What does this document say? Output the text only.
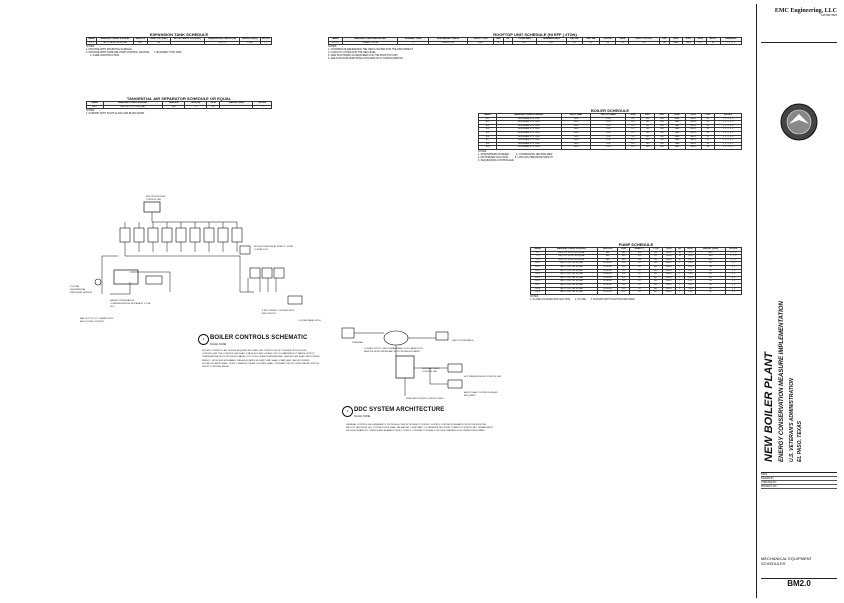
EXPANSION TANK SCHEDULE
MARK	MANUFACTURER & MODEL	SERVICE	TANK VOL (GAL)	ACCEPTANCE VOL (GAL)	DIMENSIONS L-WIDTH (IN)	WEIGHT (LBS)	NOTES
ET-1	TACO CA-90 OR EQUAL	HW	90		24 x 70	1,000	1, 2
NOTES:
1. PROVIDE WITH MOUNTING SADDLES.
2. PROVIDE WITH ASME REL PROP CONTROL SEATING.      3. BLADDER TYPE TANK.
4. ASME CONSTRUCTION.
TANGENTIAL AIR SEPARATOR SCHEDULE OR EQUAL
MARK	MANUFACTURER & MODEL	SERVICE	SIZE (IN)	GPM	WEIGHT (LBS)	NOTES
AS-1	TACO AC 6-F OR EQUAL	HW	6	700		1
NOTES:
1. FURNISH WITH SIGHT GLASS AND BLOW DOWN.
ROOFTOP UNIT SCHEDULE (HI EFF | 4TON)
MARK	MANUFACTURER AND MODEL	NOMINAL TONS	DISCHARGE CONFIG	SUPPLY CFM	ESP	HP	TOTAL MBH	SENSIBLE MBH	EAT DB	EAT WB	LAT DB	SEER	ELECT OUTPUT	EFF	FUEL	V/PH	MCA	MOCP	REMARKS
RTU-1	TRANE YSC048	4	SIDE/FLOW	1600	0.7	1	50.2	38.1	80	67	56	16	4.0	80	GAS	208/3	27.9	30	1, 2, 3, 4
NOTES:
1. COORDINATE REFERENCE THE ITEM LOCATED FOR THE DISCONNECT.
2. CAPACITY LISTED FOR THE SEA LEVEL.
3. NEW DUCTWORK AS REQUIRED FOR THE ROOFTOP UNIT.
4. SEE PLAN FOR ADDITIONAL DATA AND DUCT CONFIGURATION.
BOILER SCHEDULE
MARK	MANUFACTURER & MODEL	INPUT MBH	OUTPUT MBH	GPM	EWT	LWT	FUEL	V/PH	FLA	NOTES
B-1	BURNHAM FCX 2000	2000	1700	115	140	180	GAS	460/3	10	1, 2, 3, 4, 5
B-2	BURNHAM FCX 2000	2000	1700	115	140	180	GAS	460/3	10	1, 2, 3, 4, 5
B-3	BURNHAM FCX 2000	2000	1700	115	140	180	GAS	460/3	10	1, 2, 3, 4, 5
B-4	BURNHAM FCX 2000	2000	1700	115	140	180	GAS	460/3	10	1, 2, 3, 4, 5
B-5	BURNHAM FCX 2000	2000	1700	115	140	180	GAS	460/3	10	1, 2, 3, 4, 5
B-6	BURNHAM FCX 2000	2000	1700	115	140	180	GAS	460/3	10	1, 2, 3, 4, 5
B-7	BURNHAM FCX 2000	2000	1700	115	140	180	GAS	460/3	10	1, 2, 3, 4, 5
B-8	BURNHAM FCX 2000	2000	1700	115	140	180	GAS	460/3	10	1, 2, 3, 4, 5
B-9	BURNHAM FCX 2000	2000	1700	115	140	180	GAS	460/3	10	1, 2, 3, 4, 5
NOTES:
1. ATMOSPHERIC BURNER.          4. CONDENSATE NEUTRALIZER.
2. MOTORIZED ISOLATION.         5. LOW GAS PRESSURE SWITCH.
3. SEQUENCING CONTROLLER.
PUMP SCHEDULE
MARK	MANUFACTURER & MODEL	SERVICE	GPM	HEAD FT	TYPE	V/PH	HP	RPM	WEIGHT (LBS)	NOTES
P-1	TACO KV 6013 OR EQUAL	HW	440	100	VIL	460/3	10	1750	400	1, 2, 3
P-2	TACO KV 6013 OR EQUAL	HW	440	100	VIL	460/3	10	1750	400	1, 2, 3
P-3	TACO KV 6013 OR EQUAL	HW	440	100	VIL	460/3	10	1750	400	1, 2, 3
BP-1	TACO 1915 OR EQUAL	BOILER	115	20	INL	460/3	1	1750	90	1, 2
BP-2	TACO 1915 OR EQUAL	BOILER	115	20	INL	460/3	1	1750	90	1, 2
BP-3	TACO 1915 OR EQUAL	BOILER	115	20	INL	460/3	1	1750	90	1, 2
BP-4	TACO 1915 OR EQUAL	BOILER	115	20	INL	460/3	1	1750	90	1, 2
BP-5	TACO 1915 OR EQUAL	BOILER	115	20	INL	460/3	1	1750	90	1, 2
BP-6	TACO 1915 OR EQUAL	BOILER	115	20	INL	460/3	1	1750	90	1, 2
BP-7	TACO 1915 OR EQUAL	BOILER	115	20	INL	460/3	1	1750	90	1, 2
BP-8	TACO 1915 OR EQUAL	BOILER	115	20	INL	460/3	1	1750	90	1, 2
BP-9	TACO 1915 OR EQUAL	BOILER	115	20	INL	460/3	1	1750	90	1, 2
NOTES:
1. CLOSE COUPLED END SUCTION.      2. IN LINE.      3. FURNISH WITH SUCTION DIFFUSER.
MULTIPLE BOILER CONTROLLER
BOILER PUMP RELAY WIRE TO PUMP CONTACTOR
SYSTEM DIFFERENTIAL PRESSURE SENSOR
BACNET INTEGRATION COMMUNICATIONS INTERFACE TO VA DDC
BAS OUTPUT TO COMBUSTION AIR LOUVER CONTROL
6 MOTORIZED LOUVERS WITH END SWITCH
LOUVER PANEL WITH
1 BOILER CONTROLS SCHEMATIC
SCALE: NONE
BOILER CONTROLS: ALL BOILER SEQUENCING SHALL BE CONTROLLED BY THE MULTIPLE BOILER CONTROLLER. THE CONTROLLER SHALL STAGE BOILERS ON AND OFF TO MAINTAIN HOT WATER SUPPLY TEMPERATURE SETPOINT RESET BASED ON OUTDOOR AIR TEMPERATURE. LEAD BOILER SHALL BE ROTATED WEEKLY. UPON BOILER ENABLE THE ASSOCIATED BOILER PUMP SHALL START AND THE MOTORIZED ISOLATION VALVE SHALL OPEN. COMBUSTION AIR LOUVERS SHALL OPEN AND PROVE OPEN VIA END SWITCH PRIOR TO BOILER FIRING.
TERMINAL
CONNECTION TO VA IT DEPARTMENT FOR DIAGNOSTIC, REMOTE MONITORING AND SETPOINT ADJUSTMENT
LAPTOP INTERFACE
CENTRAL PLANT CONTROLLER
HOT WATER BOILER CONTROLLER
ADDITIONAL CONTROLLERS AS REQUIRED
HVAC APPLICATION CONTROLLERS
2 DDC SYSTEM ARCHITECTURE
SCALE: NONE
GENERAL CONTROL REQUIREMENTS: PROVIDE A COMPLETE DIRECT DIGITAL CONTROL SYSTEM INTEGRATED WITH THE EXISTING FACILITY NETWORK. ALL CONTROLLERS SHALL BE BACNET COMPLIANT. COORDINATE NETWORK CONNECTION WITH VA IT DEPARTMENT. PROVIDE GRAPHICS, TRENDS AND ALARMS FOR ALL POINTS. CONTRACTOR SHALL PROVIDE TRAINING FOR OWNER PERSONNEL.
EMC Engineering, LLC
915.581.5525
NEW BOILER PLANT ENERGY CONSERVATION MEASURE IMPLEMENTATION U.S. VETERAN'S ADMINISTRATION EL PASO, TEXAS
DATE
DRAWN BY
CHECKED BY
PROJECT NO.
MECHANICAL EQUIPMENT SCHEDULES
BM2.0
